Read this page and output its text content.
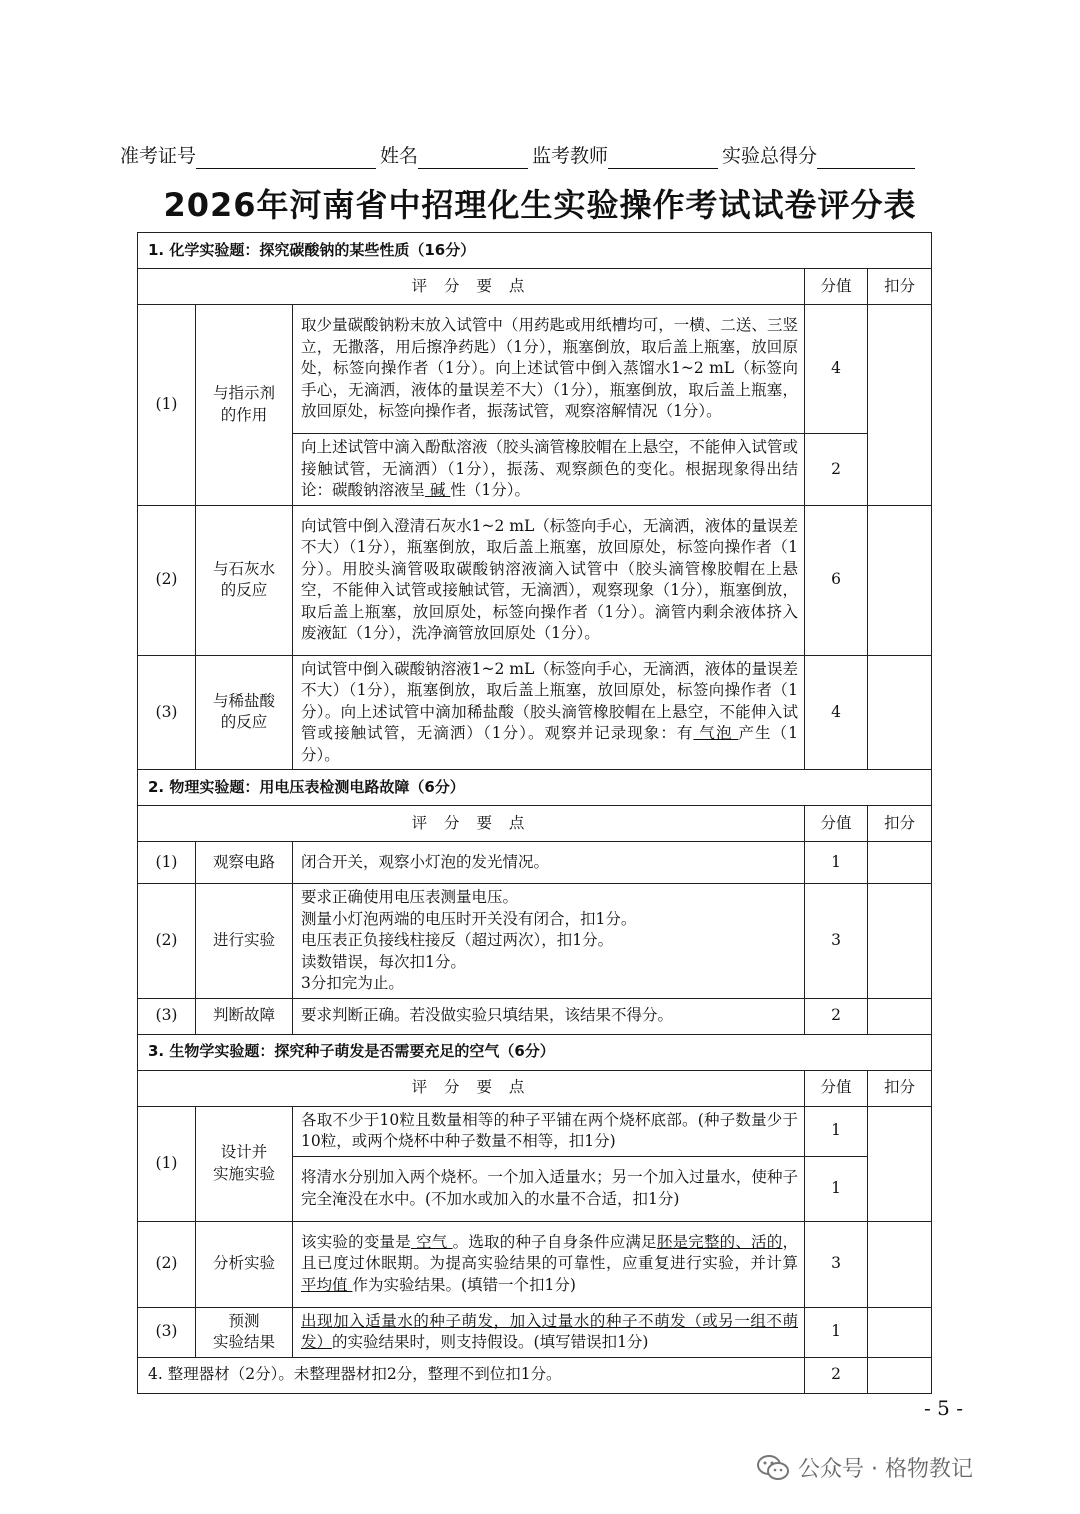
准考证号	姓名	监考教师	实验总得分
2026年河南省中招理化生实验操作考试试卷评分表
1. 化学实验题：探究碳酸钠的某些性质（16分）				
评 分 要 点			分值	扣分
(1)	与指示剂的作用	取少量碳酸钠粉末放入试管中（用药匙或用纸槽均可，一横、二送、三竖立，无撒落，用后擦净药匙）（1分），瓶塞倒放，取后盖上瓶塞，放回原处，标签向操作者（1分）。向上述试管中倒入蒸馏水1~2 mL（标签向手心，无滴洒，液体的量误差不大）（1分），瓶塞倒放，取后盖上瓶塞，放回原处，标签向操作者，振荡试管，观察溶解情况（1分）。	4	
		向上述试管中滴入酚酞溶液（胶头滴管橡胶帽在上悬空，不能伸入试管或接触试管，无滴洒）（1分），振荡、观察颜色的变化。根据现象得出结论：碳酸钠溶液呈 碱 性（1分）。	2	
(2)	与石灰水的反应	向试管中倒入澄清石灰水1~2 mL（标签向手心，无滴洒，液体的量误差不大）（1分），瓶塞倒放，取后盖上瓶塞，放回原处，标签向操作者（1分）。用胶头滴管吸取碳酸钠溶液滴入试管中（胶头滴管橡胶帽在上悬空，不能伸入试管或接触试管，无滴洒），观察现象（1分），瓶塞倒放，取后盖上瓶塞，放回原处，标签向操作者（1分）。滴管内剩余液体挤入废液缸（1分），洗净滴管放回原处（1分）。	6	
(3)	与稀盐酸的反应	向试管中倒入碳酸钠溶液1~2 mL（标签向手心，无滴洒，液体的量误差不大）（1分），瓶塞倒放，取后盖上瓶塞，放回原处，标签向操作者（1分）。向上述试管中滴加稀盐酸（胶头滴管橡胶帽在上悬空，不能伸入试管或接触试管，无滴洒）（1分）。观察并记录现象：有 气泡 产生（1分）。	4	
2. 物理实验题：用电压表检测电路故障（6分）				
评 分 要 点			分值	扣分
(1)	观察电路	闭合开关，观察小灯泡的发光情况。	1	
(2)	进行实验	要求正确使用电压表测量电压。
测量小灯泡两端的电压时开关没有闭合，扣1分。
电压表正负接线柱接反（超过两次），扣1分。
读数错误，每次扣1分。
3分扣完为止。	3	
(3)	判断故障	要求判断正确。若没做实验只填结果，该结果不得分。	2	
3. 生物学实验题：探究种子萌发是否需要充足的空气（6分）				
评 分 要 点			分值	扣分
(1)	设计并
实施实验	各取不少于10粒且数量相等的种子平铺在两个烧杯底部。(种子数量少于10粒，或两个烧杯中种子数量不相等，扣1分)	1	
		将清水分别加入两个烧杯。一个加入适量水；另一个加入过量水，使种子完全淹没在水中。(不加水或加入的水量不合适，扣1分)	1	
(2)	分析实验	该实验的变量是 空气 。选取的种子自身条件应满足胚是完整的、活的，且已度过休眠期。为提高实验结果的可靠性，应重复进行实验，并计算 平均值 作为实验结果。(填错一个扣1分)	3	
(3)	预测
实验结果	出现加入适量水的种子萌发，加入过量水的种子不萌发（或另一组不萌发）的实验结果时，则支持假设。(填写错误扣1分)	1	
4. 整理器材（2分）。未整理器材扣2分，整理不到位扣1分。			2	
- 5 -
公众号 · 格物教记
